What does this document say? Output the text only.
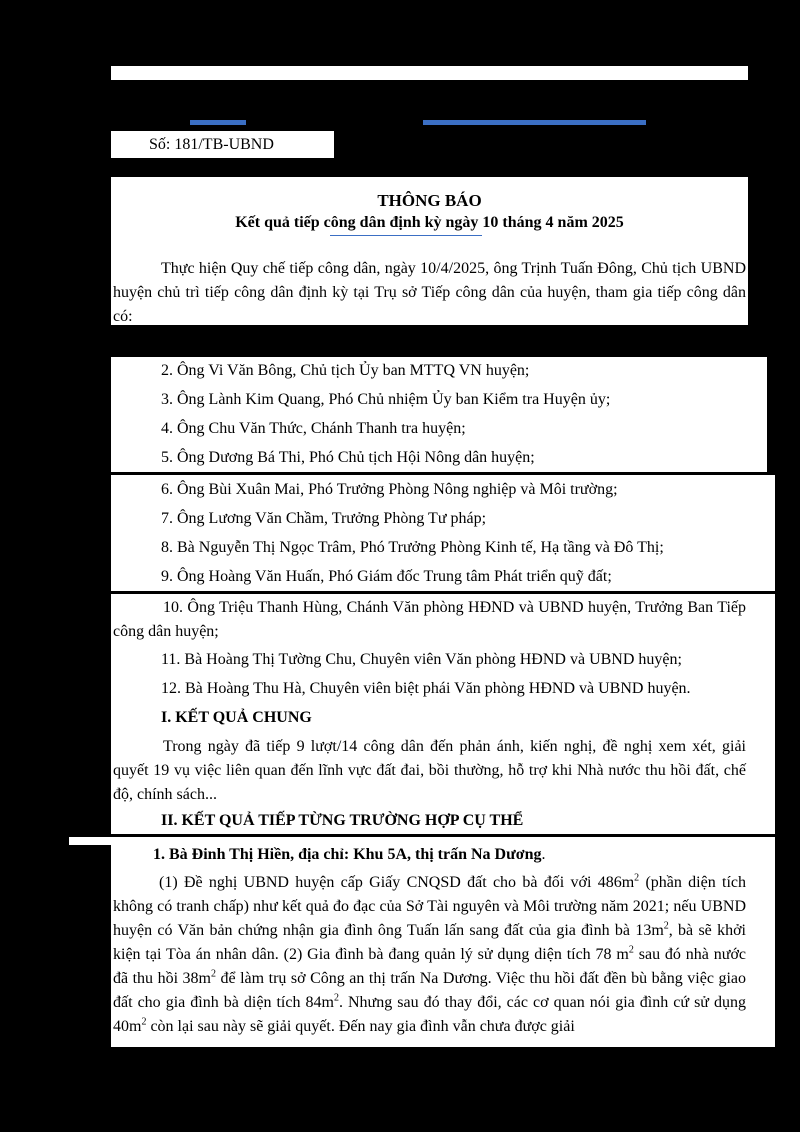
Số: 181/TB-UBND
THÔNG BÁO
Kết quả tiếp công dân định kỳ ngày 10 tháng 4 năm 2025
Thực hiện Quy chế tiếp công dân, ngày 10/4/2025, ông Trịnh Tuấn Đông, Chủ tịch UBND huyện chủ trì tiếp công dân định kỳ tại Trụ sở Tiếp công dân của huyện, tham gia tiếp công dân có:
2. Ông Vi Văn Bông, Chủ tịch Ủy ban MTTQ VN huyện;
3. Ông Lành Kim Quang, Phó Chủ nhiệm Ủy ban Kiểm tra Huyện ủy;
4. Ông Chu Văn Thức, Chánh Thanh tra huyện;
5. Ông Dương Bá Thi, Phó Chủ tịch Hội Nông dân huyện;
6. Ông Bùi Xuân Mai, Phó Trưởng Phòng Nông nghiệp và Môi trường;
7. Ông Lương Văn Chầm, Trưởng Phòng Tư pháp;
8. Bà Nguyễn Thị Ngọc Trâm, Phó Trưởng Phòng Kinh tế, Hạ tầng và Đô Thị;
9. Ông Hoàng Văn Huấn, Phó Giám đốc Trung tâm Phát triển quỹ đất;
10. Ông Triệu Thanh Hùng, Chánh Văn phòng HĐND và UBND huyện, Trưởng Ban Tiếp công dân huyện;
11. Bà Hoàng Thị Tường Chu, Chuyên viên Văn phòng HĐND và UBND huyện;
12. Bà Hoàng Thu Hà, Chuyên viên biệt phái Văn phòng HĐND và UBND huyện.
I. KẾT QUẢ CHUNG
Trong ngày đã tiếp 9 lượt/14 công dân đến phản ánh, kiến nghị, đề nghị xem xét, giải quyết 19 vụ việc liên quan đến lĩnh vực đất đai, bồi thường, hỗ trợ khi Nhà nước thu hồi đất, chế độ, chính sách...
II. KẾT QUẢ TIẾP TỪNG TRƯỜNG HỢP CỤ THỂ
1. Bà Đinh Thị Hiền, địa chỉ: Khu 5A, thị trấn Na Dương.
(1) Đề nghị UBND huyện cấp Giấy CNQSD đất cho bà đối với $486m^2$ (phần diện tích không có tranh chấp) như kết quả đo đạc của Sở Tài nguyên và Môi trường năm 2021; nếu UBND huyện có Văn bản chứng nhận gia đình ông Tuấn lấn sang đất của gia đình bà $13m^2$, bà sẽ khởi kiện tại Tòa án nhân dân. (2) Gia đình bà đang quản lý sử dụng diện tích 78 $m^2$ sau đó nhà nước đã thu hồi $38m^2$ để làm trụ sở Công an thị trấn Na Dương. Việc thu hồi đất đền bù bằng việc giao đất cho gia đình bà diện tích $84m^2$. Nhưng sau đó thay đổi, các cơ quan nói gia đình cứ sử dụng $40m^2$ còn lại sau này sẽ giải quyết. Đến nay gia đình vẫn chưa được giải
